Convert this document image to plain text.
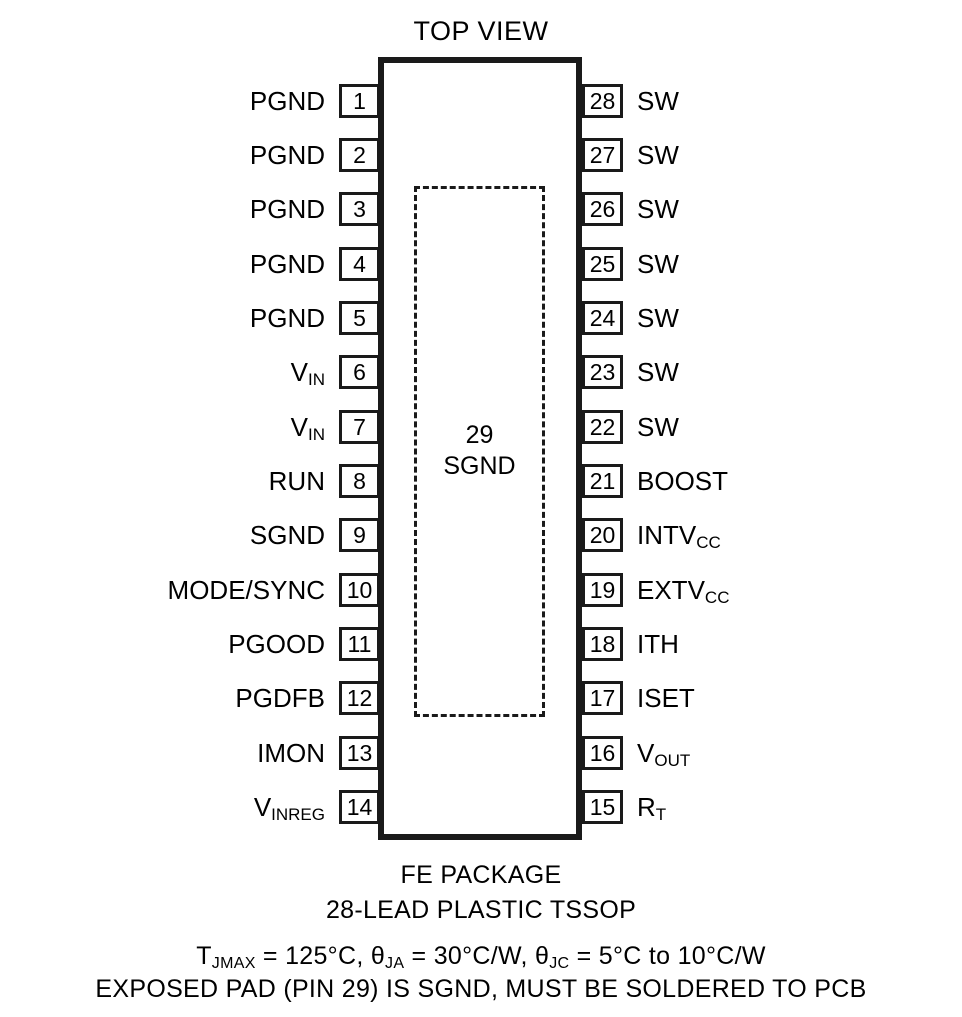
TOP VIEW
29
SGND
PGND	1
PGND	2
PGND	3
PGND	4
PGND	5
$V_{IN}$	6
$V_{IN}$	7
RUN	8
SGND	9
MODE/SYNC 10
PGOOD 11
PGDFB 12
IMON 13
$V_{INREG}$ 14
28 SW
27 SW
26 SW
25 SW
24 SW
23 SW
22 SW
21 BOOST
20 $INTV_{CC}$
19 $EXTV_{CC}$
18 ITH
17 ISET
16 $V_{OUT}$
15 $R_T$
FE PACKAGE
28-LEAD PLASTIC TSSOP
$T_{JMAX} = 125^\circ C$, $\theta_{JA} = 30^\circ C/W$, $\theta_{JC} = 5^\circ C$ to 10°C/W
EXPOSED PAD (PIN 29) IS SGND, MUST BE SOLDERED TO PCB
